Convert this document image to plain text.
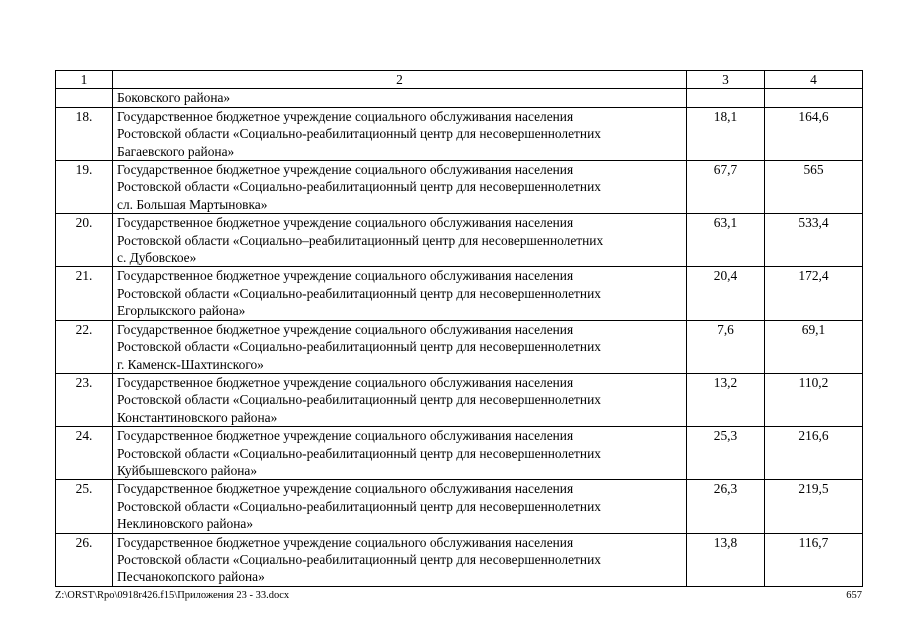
1	2	3	4
	Боковского района»		
18.	Государственное бюджетное учреждение социального обслуживания населения
Ростовской области «Социально-реабилитационный центр для несовершеннолетних
Багаевского района»	18,1	164,6
19.	Государственное бюджетное учреждение социального обслуживания населения
Ростовской области «Социально-реабилитационный центр для несовершеннолетних
сл. Большая Мартыновка»	67,7	565
20.	Государственное бюджетное учреждение социального обслуживания населения
Ростовской области «Социально–реабилитационный центр для несовершеннолетних
с. Дубовское»	63,1	533,4
21.	Государственное бюджетное учреждение социального обслуживания населения
Ростовской области «Социально-реабилитационный центр для несовершеннолетних
Егорлыкского района»	20,4	172,4
22.	Государственное бюджетное учреждение социального обслуживания населения
Ростовской области «Социально-реабилитационный центр для несовершеннолетних
г. Каменск-Шахтинского»	7,6	69,1
23.	Государственное бюджетное учреждение социального обслуживания населения
Ростовской области «Социально-реабилитационный центр для несовершеннолетних
Константиновского района»	13,2	110,2
24.	Государственное бюджетное учреждение социального обслуживания населения
Ростовской области «Социально-реабилитационный центр для несовершеннолетних
Куйбышевского района»	25,3	216,6
25.	Государственное бюджетное учреждение социального обслуживания населения
Ростовской области «Социально-реабилитационный центр для несовершеннолетних
Неклиновского района»	26,3	219,5
26.	Государственное бюджетное учреждение социального обслуживания населения
Ростовской области «Социально-реабилитационный центр для несовершеннолетних
Песчанокопского района»	13,8	116,7
Z:\ORST\Rpo\0918r426.f15\Приложения 23 - 33.docx	657
